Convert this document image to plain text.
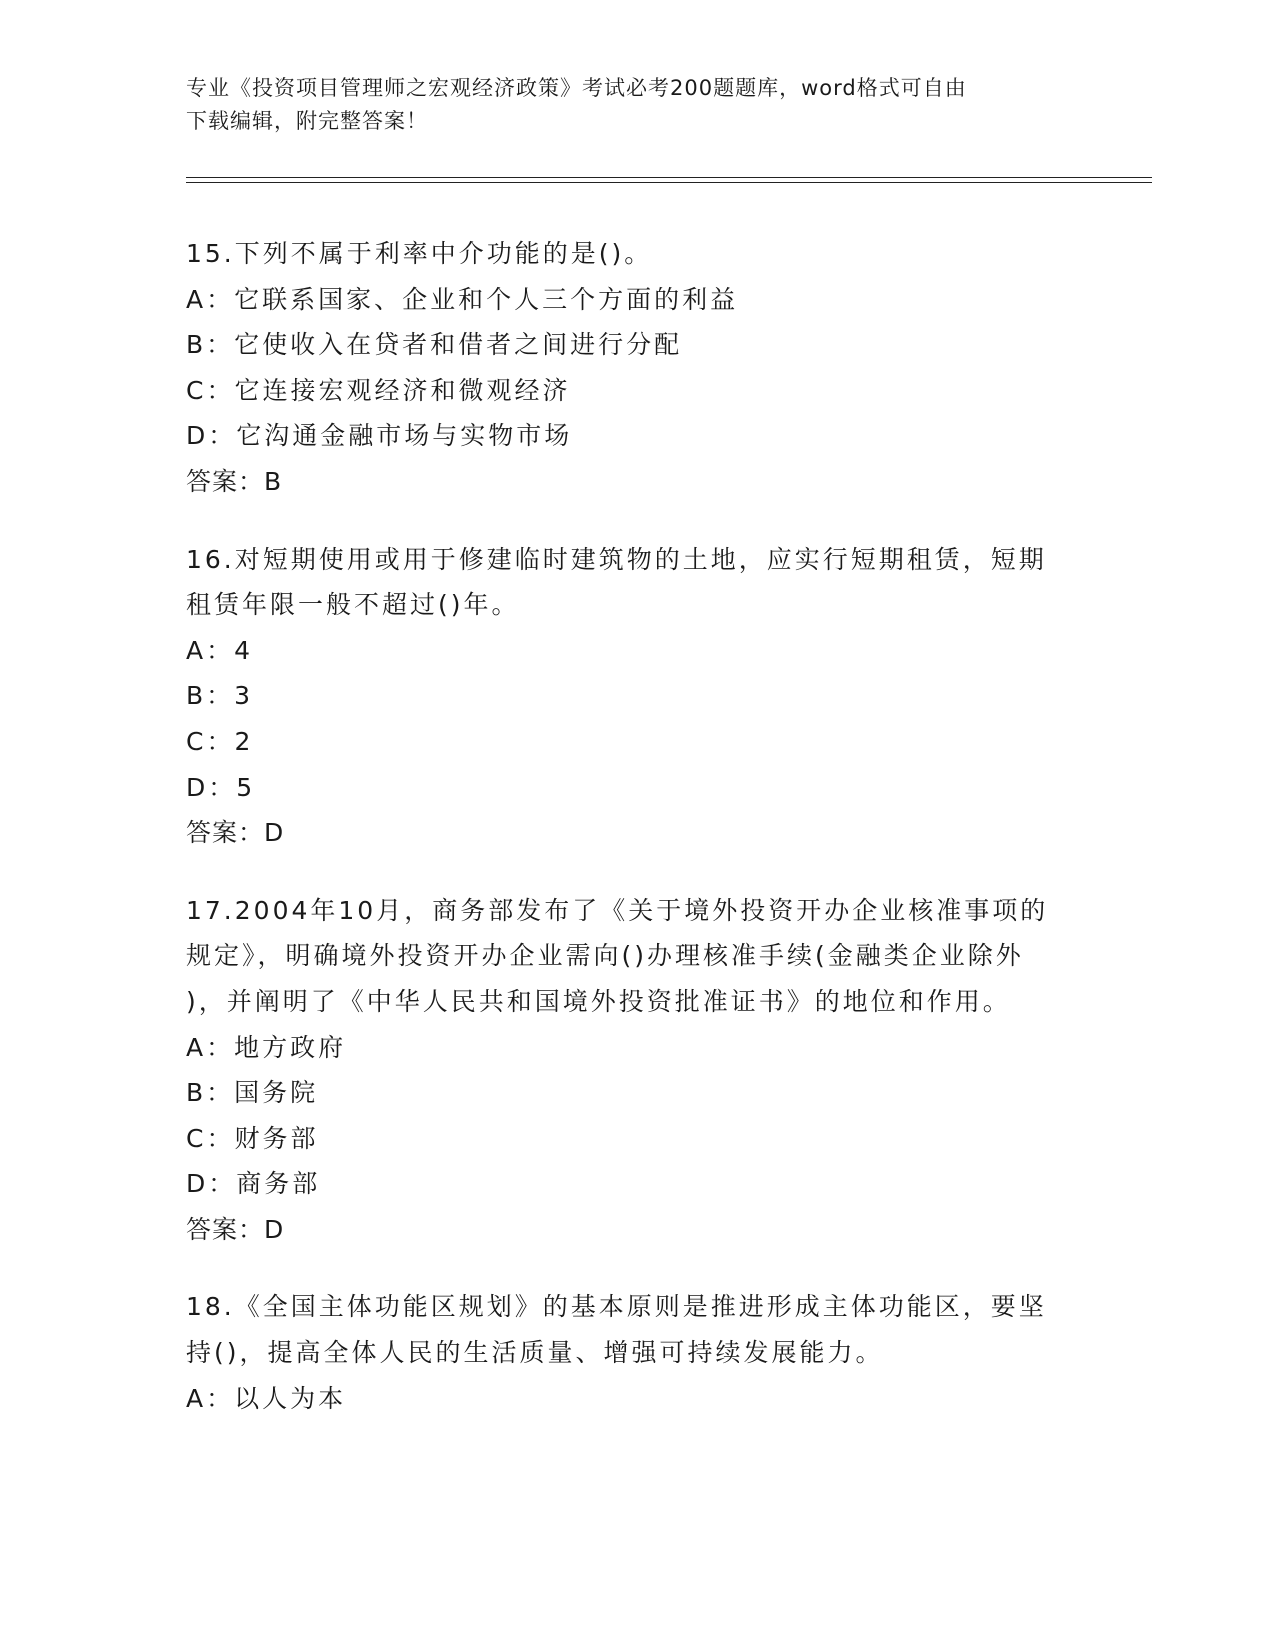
专业《投资项目管理师之宏观经济政策》考试必考200题题库，word格式可自由
下载编辑，附完整答案！
15.下列不属于利率中介功能的是()。
A：它联系国家、企业和个人三个方面的利益
B：它使收入在贷者和借者之间进行分配
C：它连接宏观经济和微观经济
D：它沟通金融市场与实物市场
答案：B
16.对短期使用或用于修建临时建筑物的土地，应实行短期租赁，短期
租赁年限一般不超过()年。
A：4
B：3
C：2
D：5
答案：D
17.2004年10月，商务部发布了《关于境外投资开办企业核准事项的
规定》，明确境外投资开办企业需向()办理核准手续(金融类企业除外
)，并阐明了《中华人民共和国境外投资批准证书》的地位和作用。
A：地方政府
B：国务院
C：财务部
D：商务部
答案：D
18.《全国主体功能区规划》的基本原则是推进形成主体功能区，要坚
持()，提高全体人民的生活质量、增强可持续发展能力。
A：以人为本
